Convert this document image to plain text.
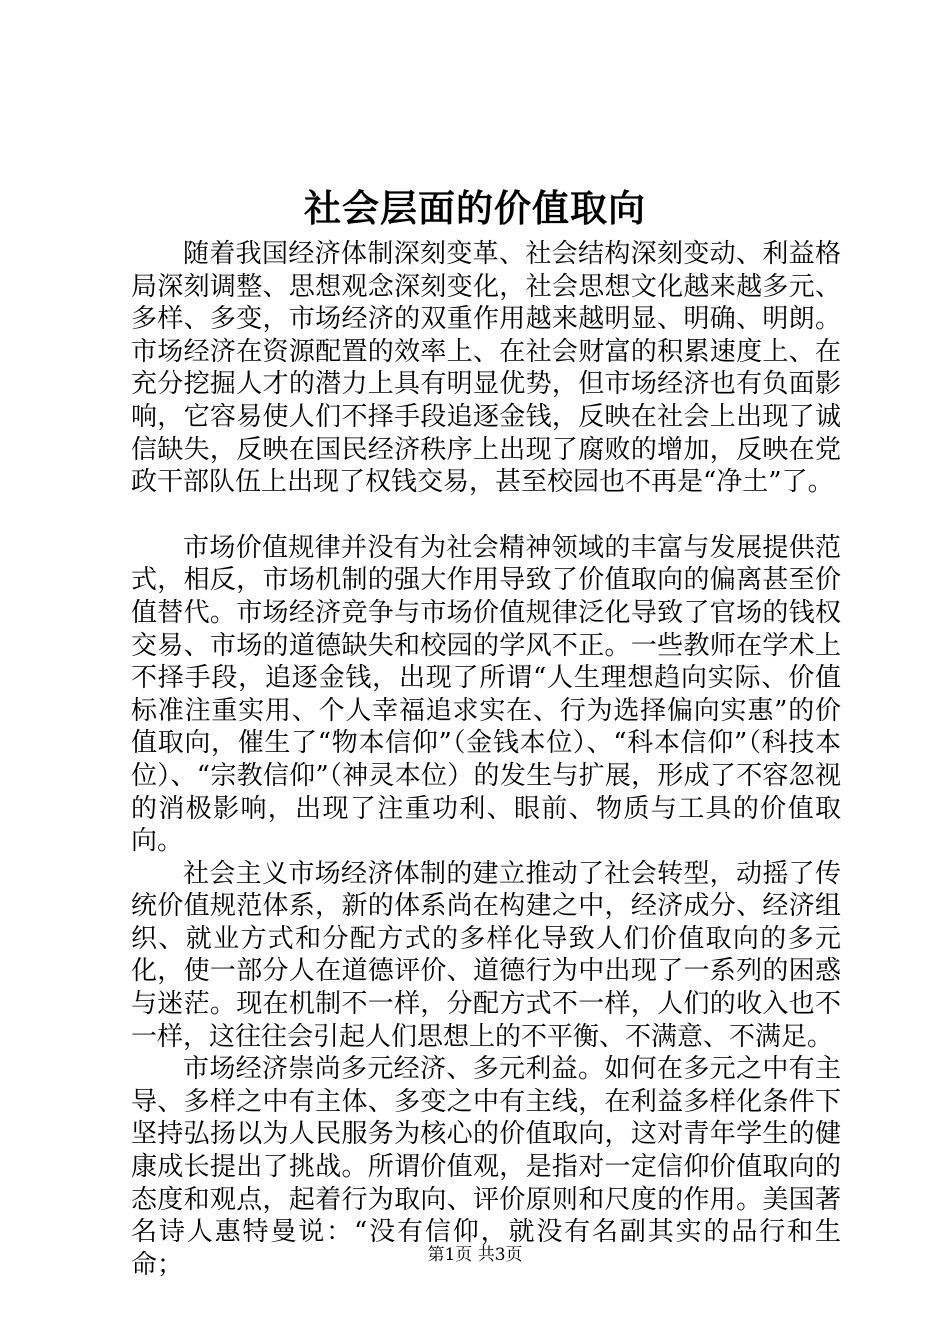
社会层面的价值取向

随着我国经济体制深刻变革、社会结构深刻变动、利益格局深刻调整、思想观念深刻变化，社会思想文化越来越多元、多样、多变，市场经济的双重作用越来越明显、明确、明朗。市场经济在资源配置的效率上、在社会财富的积累速度上、在充分挖掘人才的潜力上具有明显优势，但市场经济也有负面影响，它容易使人们不择手段追逐金钱，反映在社会上出现了诚信缺失，反映在国民经济秩序上出现了腐败的增加，反映在党政干部队伍上出现了权钱交易，甚至校园也不再是“净土”了。

市场价值规律并没有为社会精神领域的丰富与发展提供范式，相反，市场机制的强大作用导致了价值取向的偏离甚至价值替代。市场经济竞争与市场价值规律泛化导致了官场的钱权交易、市场的道德缺失和校园的学风不正。一些教师在学术上不择手段，追逐金钱，出现了所谓“人生理想趋向实际、价值标准注重实用、个人幸福追求实在、行为选择偏向实惠”的价值取向，催生了“物本信仰”（金钱本位）、“科本信仰”（科技本位）、“宗教信仰”（神灵本位）的发生与扩展，形成了不容忽视的消极影响，出现了注重功利、眼前、物质与工具的价值取向。

社会主义市场经济体制的建立推动了社会转型，动摇了传统价值规范体系，新的体系尚在构建之中，经济成分、经济组织、就业方式和分配方式的多样化导致人们价值取向的多元化，使一部分人在道德评价、道德行为中出现了一系列的困惑与迷茫。现在机制不一样，分配方式不一样，人们的收入也不一样，这往往会引起人们思想上的不平衡、不满意、不满足。

市场经济崇尚多元经济、多元利益。如何在多元之中有主导、多样之中有主体、多变之中有主线，在利益多样化条件下坚持弘扬以为人民服务为核心的价值取向，这对青年学生的健康成长提出了挑战。所谓价值观，是指对一定信仰价值取向的态度和观点，起着行为取向、评价原则和尺度的作用。美国著名诗人惠特曼说：“没有信仰，就没有名副其实的品行和生命；	第1页 共3页
